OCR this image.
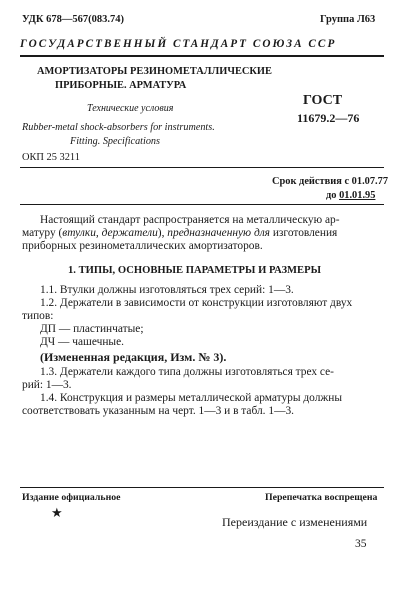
УДК 678—567(083.74)	Группа Л63
ГОСУДАРСТВЕННЫЙ СТАНДАРТ СОЮЗА ССР
АМОРТИЗАТОРЫ РЕЗИНОМЕТАЛЛИЧЕСКИЕ
ПРИБОРНЫЕ. АРМАТУРА
Технические условия
Rubber-metal shock-absorbers for instruments.
Fitting. Specifications
ГОСТ
11679.2—76
ОКП 25 3211
Срок действия с 01.07.77
до 01.01.95
Настоящий стандарт распространяется на металлическую ар-
матуру (втулки, держатели), предназначенную для изготовления
приборных резинометаллических амортизаторов.
1. ТИПЫ, ОСНОВНЫЕ ПАРАМЕТРЫ И РАЗМЕРЫ
1.1. Втулки должны изготовляться трех серий: 1—3.
1.2. Держатели в зависимости от конструкции изготовляют двух
типов:
ДП — пластинчатые;
ДЧ — чашечные.
(Измененная редакция, Изм. № 3).
1.3. Держатели каждого типа должны изготовляться трех се-
рий: 1—3.
1.4. Конструкция и размеры металлической арматуры должны
соответствовать указанным на черт. 1—3 и в табл. 1—3.
Издание официальное	Перепечатка воспрещена
★
Переиздание с изменениями
35
